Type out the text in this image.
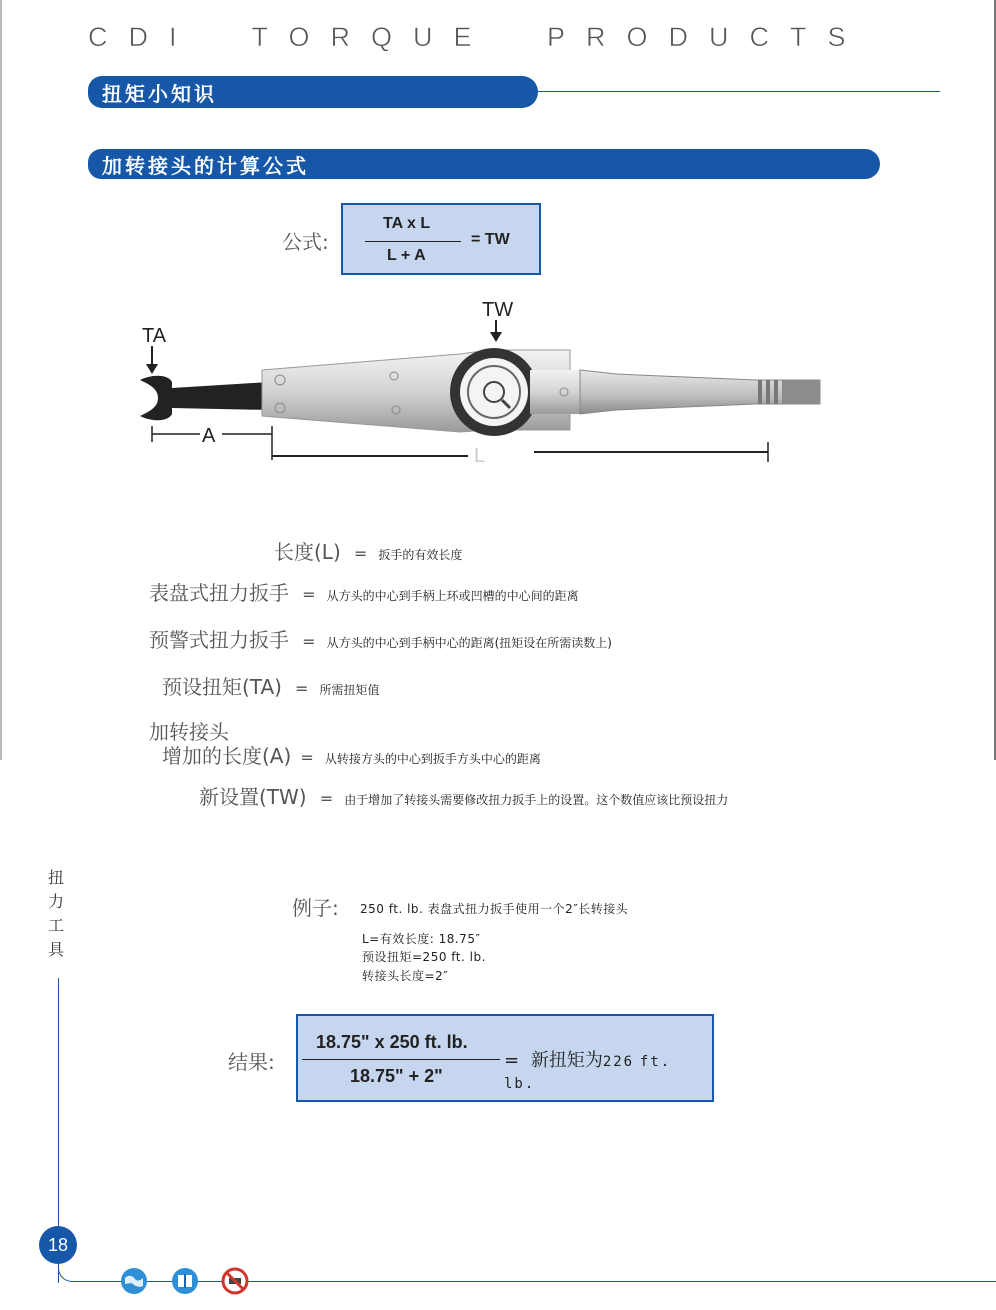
CDI TORQUE PRODUCTS
扭矩小知识
加转接头的计算公式
公式:
TA x L
L + A
= TW
TA
TW
A
L
长度(L) = 扳手的有效长度
表盘式扭力扳手 = 从方头的中心到手柄上环或凹槽的中心间的距离
预警式扭力扳手 = 从方头的中心到手柄中心的距离(扭矩设在所需读数上)
预设扭矩(TA) = 所需扭矩值
加转接头
增加的长度(A) = 从转接方头的中心到扳手方头中心的距离
新设置(TW) = 由于增加了转接头需要修改扭力扳手上的设置。这个数值应该比预设扭力
扭
力
工
具
例子: 250 ft. lb. 表盘式扭力扳手使用一个2″长转接头
L=有效长度: 18.75″
预设扭矩=250 ft. lb.
转接头长度=2″
结果:
18.75" x 250 ft. lb.
18.75" + 2"
= 新扭矩为226 ft. lb.
18
